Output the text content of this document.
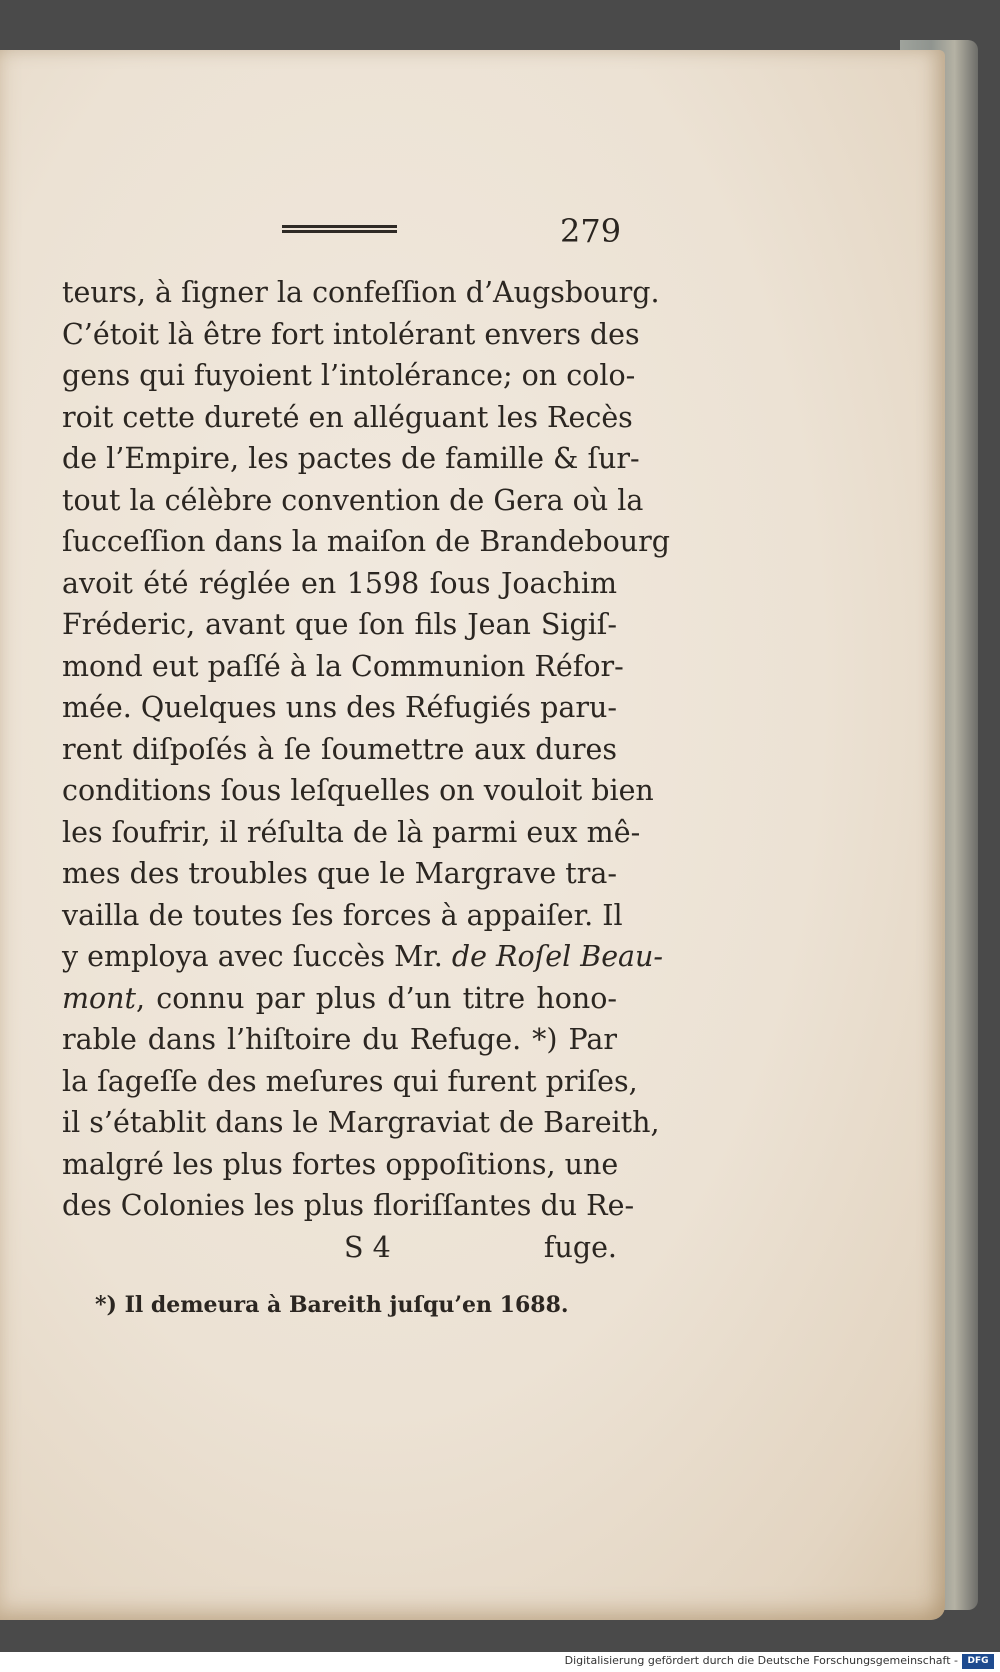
279
teurs, à ſigner la confeſſion d’Augsbourg.
C’étoit là être fort intolérant envers des
gens qui fuyoient l’intolérance; on colo-
roit cette dureté en alléguant les Recès
de l’Empire, les pactes de famille & ſur-
tout la célèbre convention de Gera où la
ſucceſſion dans la maiſon de Brandebourg
avoit été réglée en 1598 ſous Joachim
Fréderic, avant que ſon fils Jean Sigiſ-
mond eut paſſé à la Communion Réfor-
mée. Quelques uns des Réfugiés paru-
rent diſpoſés à ſe ſoumettre aux dures
conditions ſous leſquelles on vouloit bien
les ſoufrir, il réſulta de là parmi eux mê-
mes des troubles que le Margrave tra-
vailla de toutes ſes forces à appaiſer. Il
y employa avec ſuccès Mr. de Roſel Beau-
mont, connu par plus d’un titre hono-
rable dans l’hiſtoire du Refuge. *) Par
la ſageſſe des meſures qui furent priſes,
il s’établit dans le Margraviat de Bareith,
malgré les plus fortes oppoſitions, une
des Colonies les plus floriſſantes du Re-
S 4	fuge.
*) Il demeura à Bareith juſqu’en 1688.
Digitalisierung gefördert durch die Deutsche Forschungsgemeinschaft -	DFG
